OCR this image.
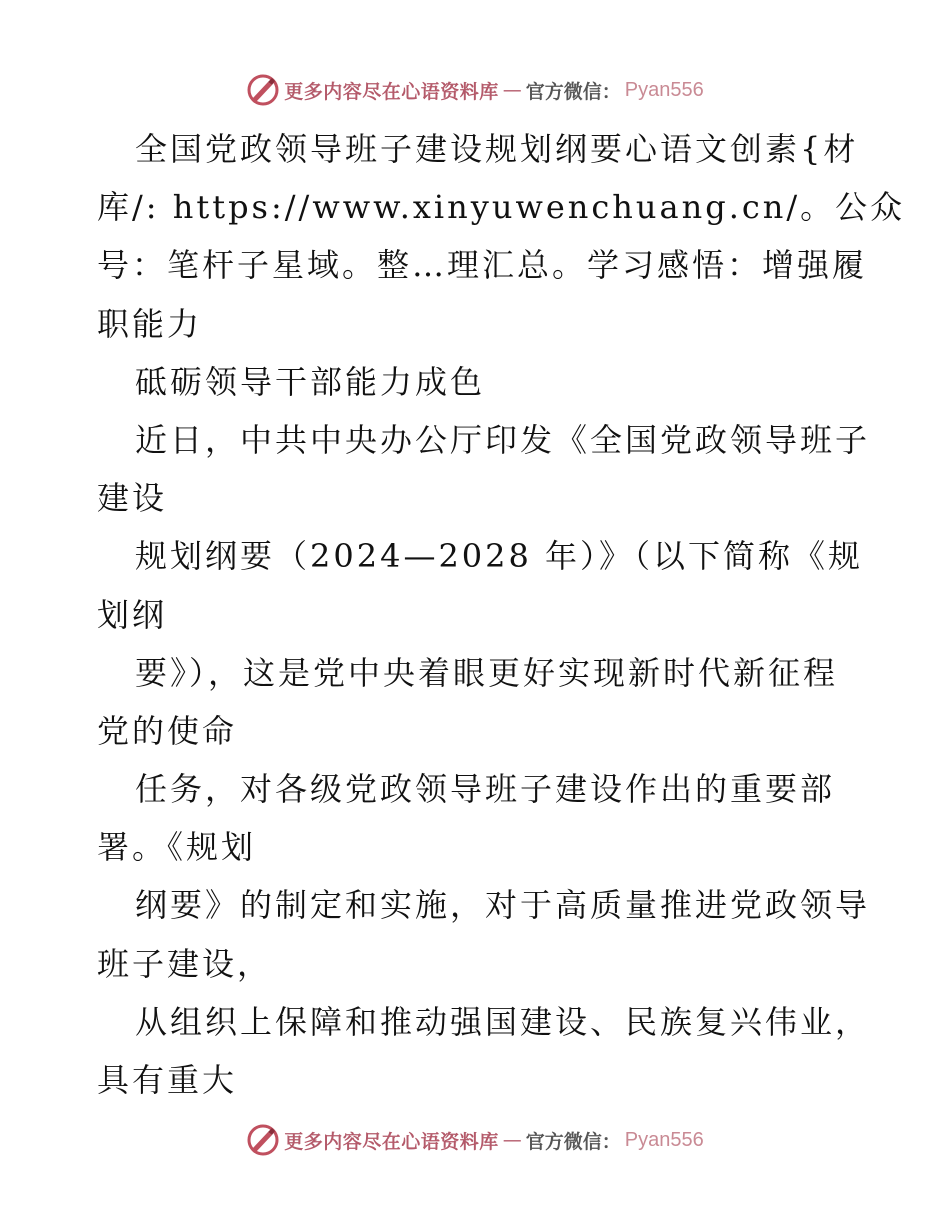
更多内容尽在心语资料库 — 官方微信： Pyan556
全国党政领导班子建设规划纲要心语文创素{材
库/: https://www.xinyuwenchuang.cn/。公众
号：笔杆子星域。整…理汇总。学习感悟：增强履
职能力
砥砺领导干部能力成色
近日，中共中央办公厅印发《全国党政领导班子
建设
规划纲要（2024—2028 年）》（以下简称《规
划纲
要》），这是党中央着眼更好实现新时代新征程
党的使命
任务，对各级党政领导班子建设作出的重要部
署。《规划
纲要》的制定和实施，对于高质量推进党政领导
班子建设，
从组织上保障和推动强国建设、民族复兴伟业，
具有重大
更多内容尽在心语资料库 — 官方微信： Pyan556
